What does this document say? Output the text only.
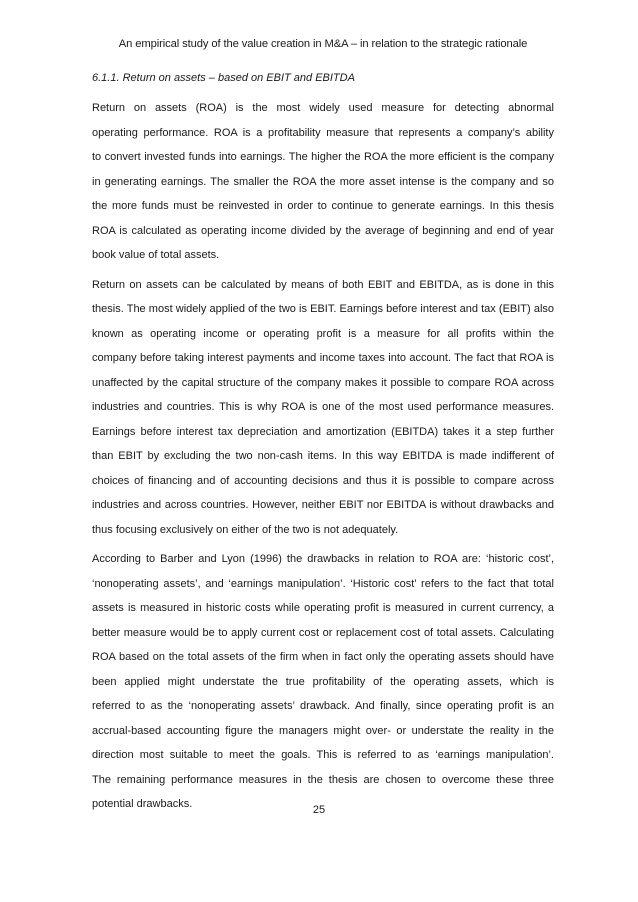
An empirical study of the value creation in M&A – in relation to the strategic rationale
6.1.1. Return on assets – based on EBIT and EBITDA
Return on assets (ROA) is the most widely used measure for detecting abnormal
operating performance. ROA is a profitability measure that represents a company’s ability
to convert invested funds into earnings. The higher the ROA the more efficient is the company
in generating earnings. The smaller the ROA the more asset intense is the company and so
the more funds must be reinvested in order to continue to generate earnings. In this thesis
ROA is calculated as operating income divided by the average of beginning and end of year
book value of total assets.
Return on assets can be calculated by means of both EBIT and EBITDA, as is done in this
thesis. The most widely applied of the two is EBIT. Earnings before interest and tax (EBIT) also
known as operating income or operating profit is a measure for all profits within the
company before taking interest payments and income taxes into account. The fact that ROA is
unaffected by the capital structure of the company makes it possible to compare ROA across
industries and countries. This is why ROA is one of the most used performance measures.
Earnings before interest tax depreciation and amortization (EBITDA) takes it a step further
than EBIT by excluding the two non-cash items. In this way EBITDA is made indifferent of
choices of financing and of accounting decisions and thus it is possible to compare across
industries and across countries. However, neither EBIT nor EBITDA is without drawbacks and
thus focusing exclusively on either of the two is not adequately.
According to Barber and Lyon (1996) the drawbacks in relation to ROA are: ‘historic cost’,
‘nonoperating assets’, and ‘earnings manipulation’. ‘Historic cost’ refers to the fact that total
assets is measured in historic costs while operating profit is measured in current currency, a
better measure would be to apply current cost or replacement cost of total assets. Calculating
ROA based on the total assets of the firm when in fact only the operating assets should have
been applied might understate the true profitability of the operating assets, which is
referred to as the ‘nonoperating assets’ drawback. And finally, since operating profit is an
accrual-based accounting figure the managers might over- or understate the reality in the
direction most suitable to meet the goals. This is referred to as ‘earnings manipulation’.
The remaining performance measures in the thesis are chosen to overcome these three
potential drawbacks.	25
